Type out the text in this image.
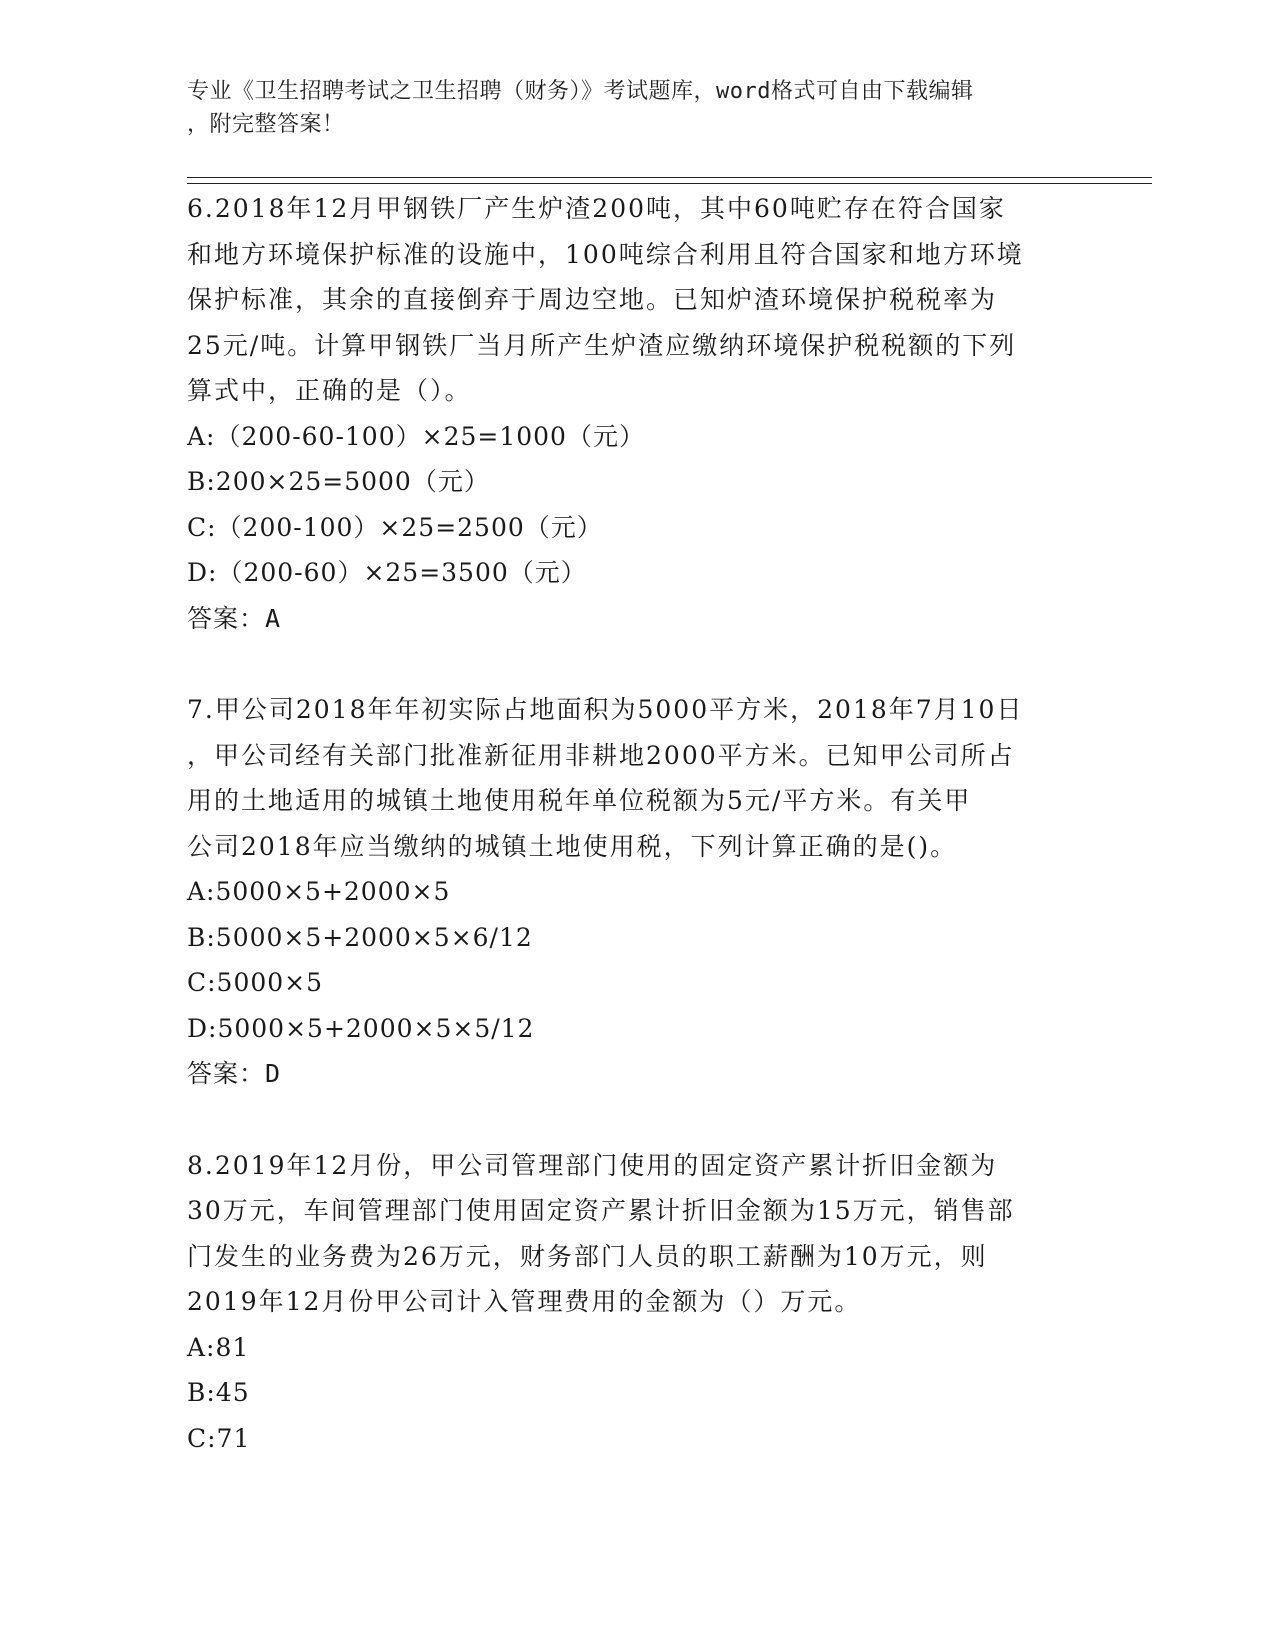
专业《卫生招聘考试之卫生招聘（财务）》考试题库，word格式可自由下载编辑
，附完整答案！

6.2018年12月甲钢铁厂产生炉渣200吨，其中60吨贮存在符合国家

和地方环境保护标准的设施中，100吨综合利用且符合国家和地方环境

保护标准，其余的直接倒弃于周边空地。已知炉渣环境保护税税率为

25元/吨。计算甲钢铁厂当月所产生炉渣应缴纳环境保护税税额的下列

算式中，正确的是（）。

A:（200-60-100）×25=1000（元）

B:200×25=5000（元）

C:（200-100）×25=2500（元）

D:（200-60）×25=3500（元）

答案：A

7.甲公司2018年年初实际占地面积为5000平方米，2018年7月10日

，甲公司经有关部门批准新征用非耕地2000平方米。已知甲公司所占

用的土地适用的城镇土地使用税年单位税额为5元/平方米。有关甲

公司2018年应当缴纳的城镇土地使用税，下列计算正确的是()。

A:5000×5+2000×5

B:5000×5+2000×5×6/12

C:5000×5

D:5000×5+2000×5×5/12

答案：D

8.2019年12月份，甲公司管理部门使用的固定资产累计折旧金额为

30万元，车间管理部门使用固定资产累计折旧金额为15万元，销售部

门发生的业务费为26万元，财务部门人员的职工薪酬为10万元，则

2019年12月份甲公司计入管理费用的金额为（）万元。

A:81

B:45

C:71
